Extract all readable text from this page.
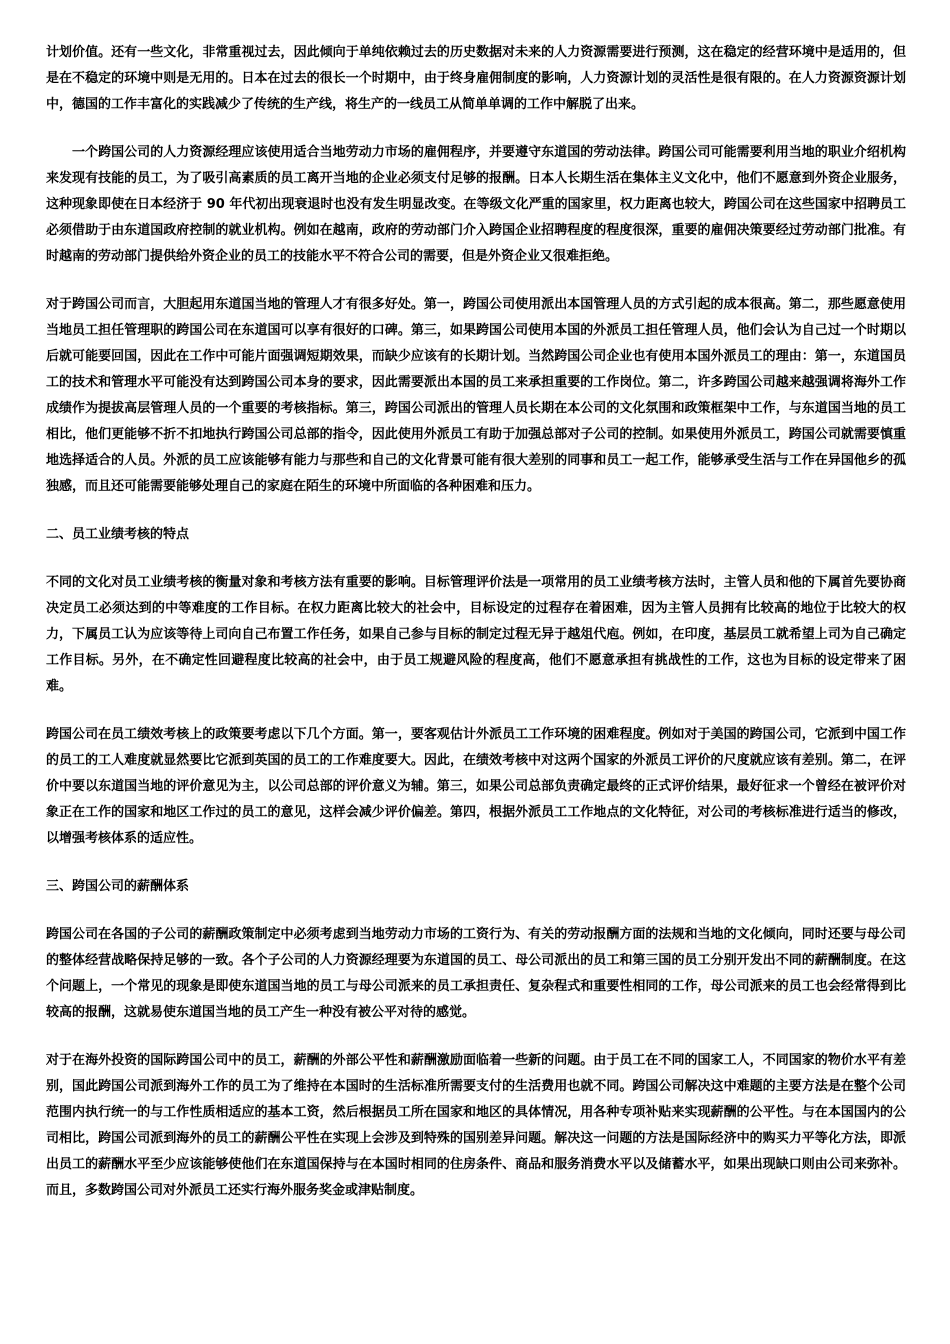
计划价值。还有一些文化，非常重视过去，因此倾向于单纯依赖过去的历史数据对未来的人力资源需要进行预测，这在稳定的经营环境中是适用的，但是在不稳定的环境中则是无用的。日本在过去的很长一个时期中，由于终身雇佣制度的影响，人力资源计划的灵活性是很有限的。在人力资源资源计划中，德国的工作丰富化的实践减少了传统的生产线，将生产的一线员工从简单单调的工作中解脱了出来。

一个跨国公司的人力资源经理应该使用适合当地劳动力市场的雇佣程序，并要遵守东道国的劳动法律。跨国公司可能需要利用当地的职业介绍机构来发现有技能的员工，为了吸引高素质的员工离开当地的企业必须支付足够的报酬。日本人长期生活在集体主义文化中，他们不愿意到外资企业服务，这种现象即使在日本经济于 90 年代初出现衰退时也没有发生明显改变。在等级文化严重的国家里，权力距离也较大，跨国公司在这些国家中招聘员工必须借助于由东道国政府控制的就业机构。例如在越南，政府的劳动部门介入跨国企业招聘程度的程度很深，重要的雇佣决策要经过劳动部门批准。有时越南的劳动部门提供给外资企业的员工的技能水平不符合公司的需要，但是外资企业又很难拒绝。

对于跨国公司而言，大胆起用东道国当地的管理人才有很多好处。第一，跨国公司使用派出本国管理人员的方式引起的成本很高。第二，那些愿意使用当地员工担任管理职的跨国公司在东道国可以享有很好的口碑。第三，如果跨国公司使用本国的外派员工担任管理人员，他们会认为自己过一个时期以后就可能要回国，因此在工作中可能片面强调短期效果，而缺少应该有的长期计划。当然跨国公司企业也有使用本国外派员工的理由：第一，东道国员工的技术和管理水平可能没有达到跨国公司本身的要求，因此需要派出本国的员工来承担重要的工作岗位。第二，许多跨国公司越来越强调将海外工作成绩作为提拔高层管理人员的一个重要的考核指标。第三，跨国公司派出的管理人员长期在本公司的文化氛围和政策框架中工作，与东道国当地的员工相比，他们更能够不折不扣地执行跨国公司总部的指令，因此使用外派员工有助于加强总部对子公司的控制。如果使用外派员工，跨国公司就需要慎重地选择适合的人员。外派的员工应该能够有能力与那些和自己的文化背景可能有很大差别的同事和员工一起工作，能够承受生活与工作在异国他乡的孤独感，而且还可能需要能够处理自己的家庭在陌生的环境中所面临的各种困难和压力。

二、员工业绩考核的特点

不同的文化对员工业绩考核的衡量对象和考核方法有重要的影响。目标管理评价法是一项常用的员工业绩考核方法时，主管人员和他的下属首先要协商决定员工必须达到的中等难度的工作目标。在权力距离比较大的社会中，目标设定的过程存在着困难，因为主管人员拥有比较高的地位于比较大的权力，下属员工认为应该等待上司向自己布置工作任务，如果自己参与目标的制定过程无异于越俎代庖。例如，在印度，基层员工就希望上司为自己确定工作目标。另外，在不确定性回避程度比较高的社会中，由于员工规避风险的程度高，他们不愿意承担有挑战性的工作，这也为目标的设定带来了困难。

跨国公司在员工绩效考核上的政策要考虑以下几个方面。第一，要客观估计外派员工工作环境的困难程度。例如对于美国的跨国公司，它派到中国工作的员工的工人难度就显然要比它派到英国的员工的工作难度要大。因此，在绩效考核中对这两个国家的外派员工评价的尺度就应该有差别。第二，在评价中要以东道国当地的评价意见为主，以公司总部的评价意义为辅。第三，如果公司总部负责确定最终的正式评价结果，最好征求一个曾经在被评价对象正在工作的国家和地区工作过的员工的意见，这样会减少评价偏差。第四，根据外派员工工作地点的文化特征，对公司的考核标准进行适当的修改，以增强考核体系的适应性。

三、跨国公司的薪酬体系

跨国公司在各国的子公司的薪酬政策制定中必须考虑到当地劳动力市场的工资行为、有关的劳动报酬方面的法规和当地的文化倾向，同时还要与母公司的整体经营战略保持足够的一致。各个子公司的人力资源经理要为东道国的员工、母公司派出的员工和第三国的员工分别开发出不同的薪酬制度。在这个问题上，一个常见的现象是即使东道国当地的员工与母公司派来的员工承担责任、复杂程式和重要性相同的工作，母公司派来的员工也会经常得到比较高的报酬，这就易使东道国当地的员工产生一种没有被公平对待的感觉。

对于在海外投资的国际跨国公司中的员工，薪酬的外部公平性和薪酬激励面临着一些新的问题。由于员工在不同的国家工人，不同国家的物价水平有差别，国此跨国公司派到海外工作的员工为了维持在本国时的生活标准所需要支付的生活费用也就不同。跨国公司解决这中难题的主要方法是在整个公司范围内执行统一的与工作性质相适应的基本工资，然后根据员工所在国家和地区的具体情况，用各种专项补贴来实现薪酬的公平性。与在本国国内的公司相比，跨国公司派到海外的员工的薪酬公平性在实现上会涉及到特殊的国别差异问题。解决这一问题的方法是国际经济中的购买力平等化方法，即派出员工的薪酬水平至少应该能够使他们在东道国保持与在本国时相同的住房条件、商品和服务消费水平以及储蓄水平，如果出现缺口则由公司来弥补。而且，多数跨国公司对外派员工还实行海外服务奖金或津贴制度。
